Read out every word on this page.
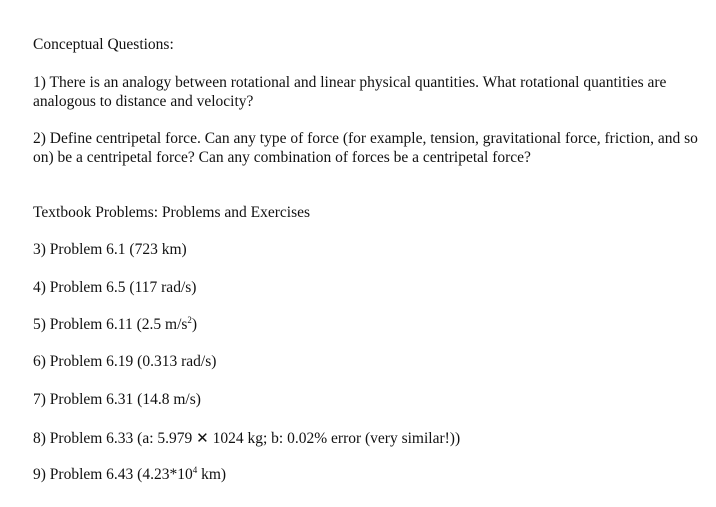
Conceptual Questions:
1) There is an analogy between rotational and linear physical quantities. What rotational quantities are analogous to distance and velocity?
2) Define centripetal force. Can any type of force (for example, tension, gravitational force, friction, and so on) be a centripetal force? Can any combination of forces be a centripetal force?
Textbook Problems: Problems and Exercises
3) Problem 6.1 (723 km)
4) Problem 6.5 (117 rad/s)
5) Problem 6.11 (2.5 $m/s^2$)
6) Problem 6.19 (0.313 rad/s)
7) Problem 6.31 (14.8 m/s)
8) Problem 6.33 (a: 5.979 ✕ 1024 kg; b: 0.02% error (very similar!))
9) Problem 6.43 ($4.23*10^4$ km)
